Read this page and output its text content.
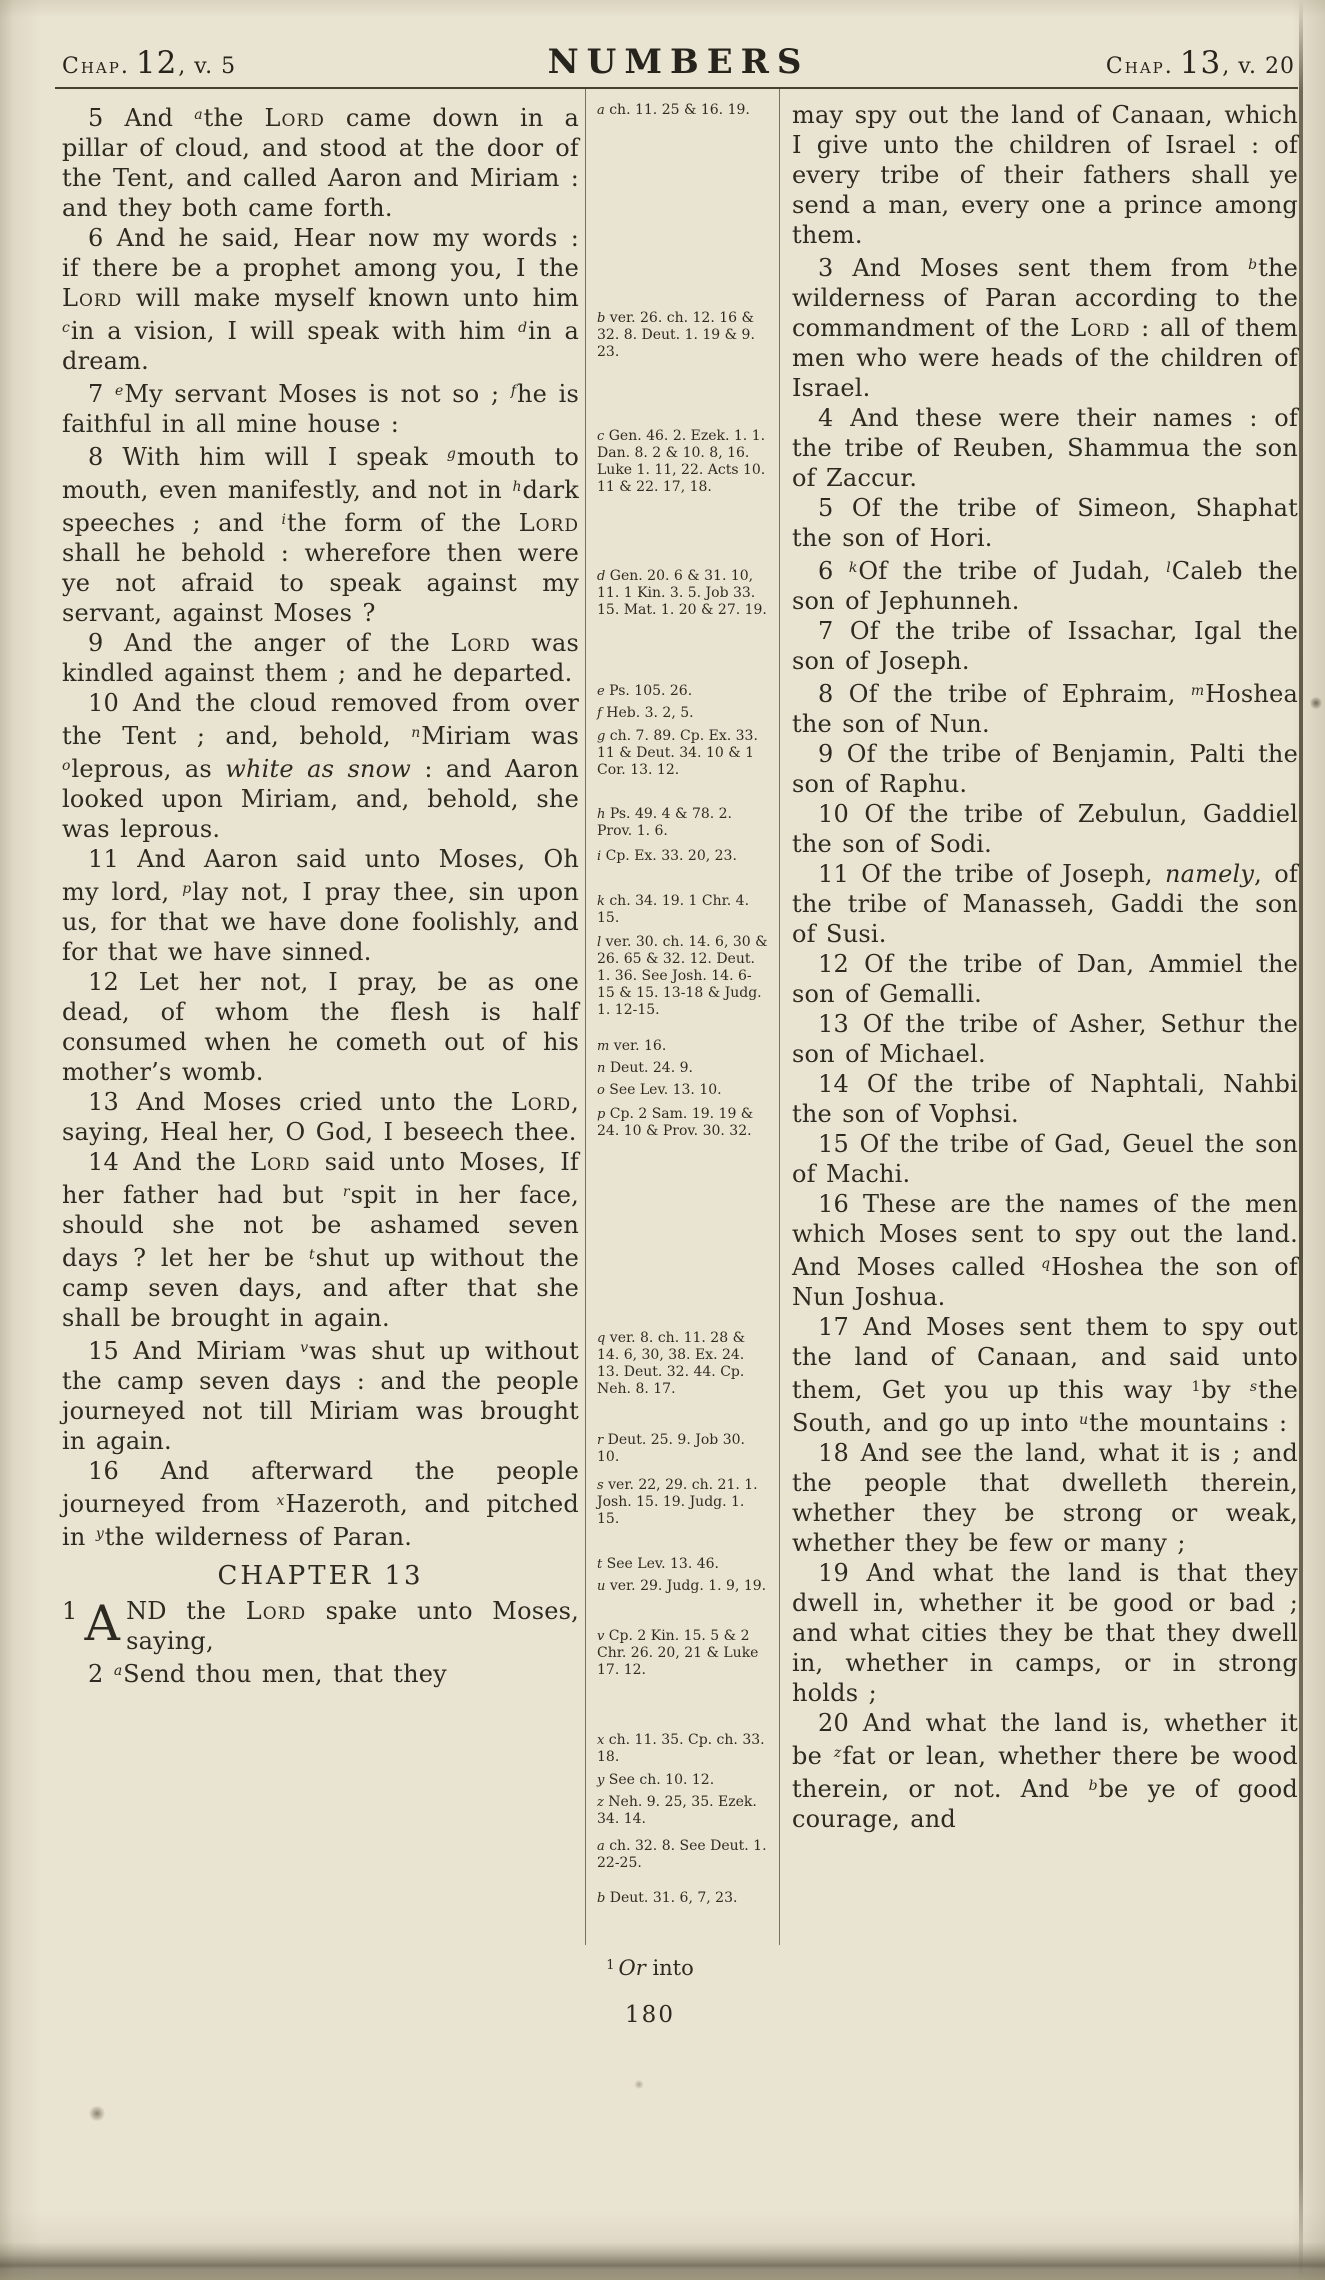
Chap. 12, v. 5	NUMBERS	Chap. 13, v. 20

5 And $^a$the Lord came down in a pillar of cloud, and stood at the door of the Tent, and called Aaron and Miriam : and they both came forth.

6 And he said, Hear now my words : if there be a prophet among you, I the Lord will make myself known unto him $^c$in a vision, I will speak with him $^d$in a dream.

7 $^e$My servant Moses is not so ; $^f$he is faithful in all mine house :

8 With him will I speak $^g$mouth to mouth, even manifestly, and not in $^h$dark speeches ; and $^i$the form of the Lord shall he behold : wherefore then were ye not afraid to speak against my servant, against Moses ?

9 And the anger of the Lord was kindled against them ; and he departed.

10 And the cloud removed from over the Tent ; and, behold, $^n$Miriam was $^o$leprous, as white as snow : and Aaron looked upon Miriam, and, behold, she was leprous.

11 And Aaron said unto Moses, Oh my lord, $^p$lay not, I pray thee, sin upon us, for that we have done foolishly, and for that we have sinned.

12 Let her not, I pray, be as one dead, of whom the flesh is half consumed when he cometh out of his mother’s womb.

13 And Moses cried unto the Lord, saying, Heal her, O God, I beseech thee.

14 And the Lord said unto Moses, If her father had but $^r$spit in her face, should she not be ashamed seven days ? let her be $^t$shut up without the camp seven days, and after that she shall be brought in again.

15 And Miriam $^v$was shut up without the camp seven days : and the people journeyed not till Miriam was brought in again.

16 And afterward the people journeyed from $^x$Hazeroth, and pitched in $^y$the wilderness of Paran.

CHAPTER 13

1 A ND the Lord spake unto Moses, saying,

2 $^a$Send thou men, that they

a ch. 11. 25 & 16. 19.
b ver. 26. ch. 12. 16 & 32. 8. Deut. 1. 19 & 9. 23.
c Gen. 46. 2. Ezek. 1. 1. Dan. 8. 2 & 10. 8, 16. Luke 1. 11, 22. Acts 10. 11 & 22. 17, 18.
d Gen. 20. 6 & 31. 10, 11. 1 Kin. 3. 5. Job 33. 15. Mat. 1. 20 & 27. 19.
e Ps. 105. 26.
f Heb. 3. 2, 5.
g ch. 7. 89. Cp. Ex. 33. 11 & Deut. 34. 10 & 1 Cor. 13. 12.
h Ps. 49. 4 & 78. 2. Prov. 1. 6.
i Cp. Ex. 33. 20, 23.
k ch. 34. 19. 1 Chr. 4. 15.
l ver. 30. ch. 14. 6, 30 & 26. 65 & 32. 12. Deut. 1. 36. See Josh. 14. 6-15 & 15. 13-18 & Judg. 1. 12-15.
m ver. 16.
n Deut. 24. 9.
o See Lev. 13. 10.
p Cp. 2 Sam. 19. 19 & 24. 10 & Prov. 30. 32.
q ver. 8. ch. 11. 28 & 14. 6, 30, 38. Ex. 24. 13. Deut. 32. 44. Cp. Neh. 8. 17.
r Deut. 25. 9. Job 30. 10.
s ver. 22, 29. ch. 21. 1. Josh. 15. 19. Judg. 1. 15.
t See Lev. 13. 46.
u ver. 29. Judg. 1. 9, 19.
v Cp. 2 Kin. 15. 5 & 2 Chr. 26. 20, 21 & Luke 17. 12.
x ch. 11. 35. Cp. ch. 33. 18.
y See ch. 10. 12.
z Neh. 9. 25, 35. Ezek. 34. 14.
a ch. 32. 8. See Deut. 1. 22-25.
b Deut. 31. 6, 7, 23.

may spy out the land of Canaan, which I give unto the children of Israel : of every tribe of their fathers shall ye send a man, every one a prince among them.

3 And Moses sent them from $^b$the wilderness of Paran according to the commandment of the Lord : all of them men who were heads of the children of Israel.

4 And these were their names : of the tribe of Reuben, Shammua the son of Zaccur.

5 Of the tribe of Simeon, Shaphat the son of Hori.

6 $^k$Of the tribe of Judah, $^l$Caleb the son of Jephunneh.

7 Of the tribe of Issachar, Igal the son of Joseph.

8 Of the tribe of Ephraim, $^m$Hoshea the son of Nun.

9 Of the tribe of Benjamin, Palti the son of Raphu.

10 Of the tribe of Zebulun, Gaddiel the son of Sodi.

11 Of the tribe of Joseph, namely, of the tribe of Manasseh, Gaddi the son of Susi.

12 Of the tribe of Dan, Ammiel the son of Gemalli.

13 Of the tribe of Asher, Sethur the son of Michael.

14 Of the tribe of Naphtali, Nahbi the son of Vophsi.

15 Of the tribe of Gad, Geuel the son of Machi.

16 These are the names of the men which Moses sent to spy out the land. And Moses called $^q$Hoshea the son of Nun Joshua.

17 And Moses sent them to spy out the land of Canaan, and said unto them, Get you up this way $^1$by $^s$the South, and go up into $^u$the mountains :

18 And see the land, what it is ; and the people that dwelleth therein, whether they be strong or weak, whether they be few or many ;

19 And what the land is that they dwell in, whether it be good or bad ; and what cities they be that they dwell in, whether in camps, or in strong holds ;

20 And what the land is, whether it be $^z$fat or lean, whether there be wood therein, or not. And $^b$be ye of good courage, and

$^1$ Or into
180
